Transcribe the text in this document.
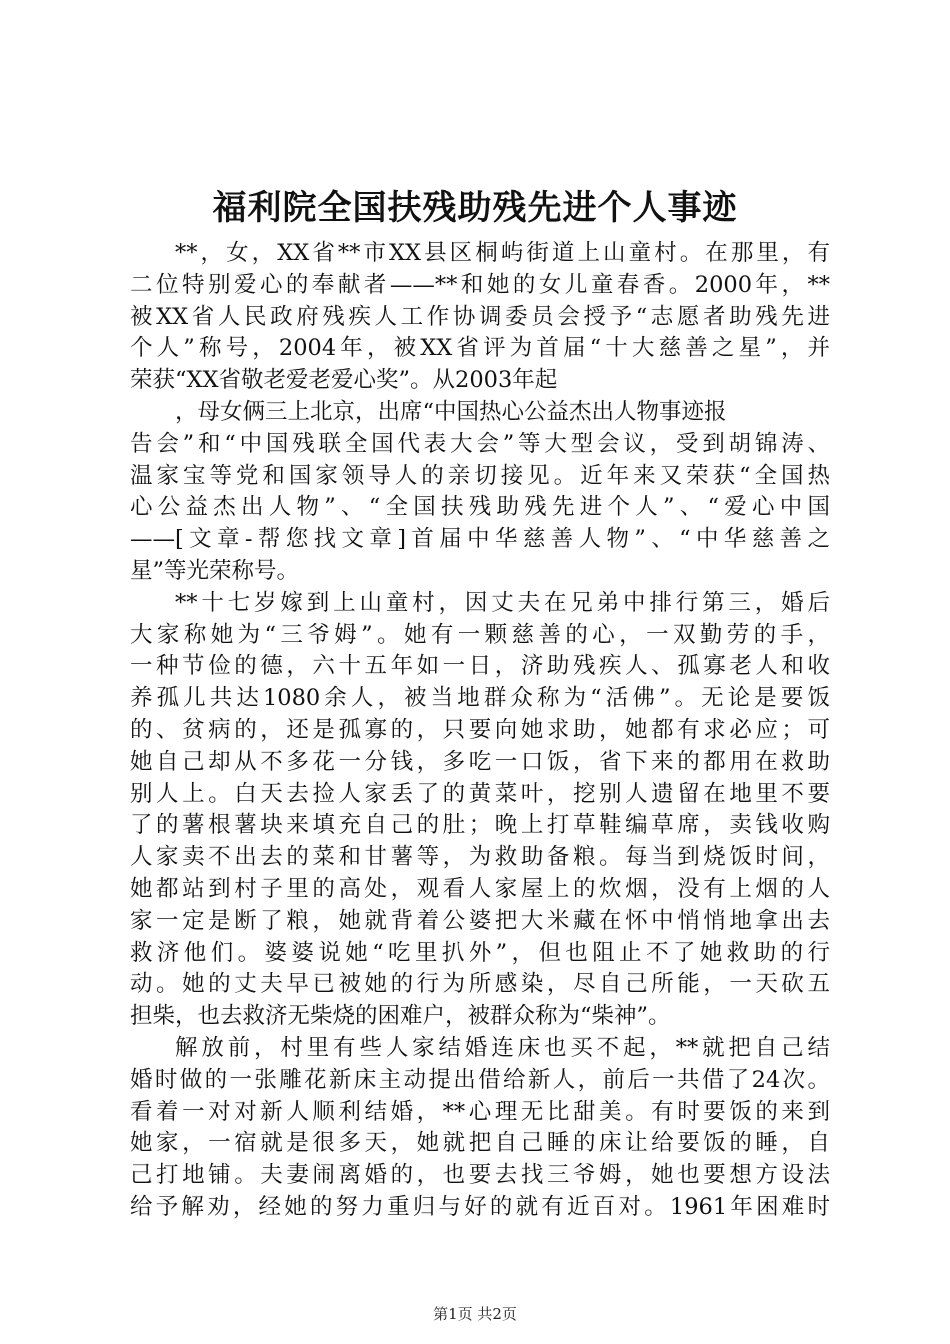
福利院全国扶残助残先进个人事迹
**，女，XX省**市XX县区桐屿街道上山童村。在那里，有
二位特别爱心的奉献者——**和她的女儿童春香。2000年，**
被XX省人民政府残疾人工作协调委员会授予“志愿者助残先进
个人”称号，2004年，被XX省评为首届“十大慈善之星”，并
荣获“XX省敬老爱老爱心奖”。从2003年起
，母女俩三上北京，出席“中国热心公益杰出人物事迹报
告会”和“中国残联全国代表大会”等大型会议，受到胡锦涛、
温家宝等党和国家领导人的亲切接见。近年来又荣获“全国热
心公益杰出人物”、“全国扶残助残先进个人”、“爱心中国
——[文章-帮您找文章]首届中华慈善人物”、“中华慈善之
星”等光荣称号。
**十七岁嫁到上山童村，因丈夫在兄弟中排行第三，婚后
大家称她为“三爷姆”。她有一颗慈善的心，一双勤劳的手，
一种节俭的德，六十五年如一日，济助残疾人、孤寡老人和收
养孤儿共达1080余人，被当地群众称为“活佛”。无论是要饭
的、贫病的，还是孤寡的，只要向她求助，她都有求必应；可
她自己却从不多花一分钱，多吃一口饭，省下来的都用在救助
别人上。白天去捡人家丢了的黄菜叶，挖别人遗留在地里不要
了的薯根薯块来填充自己的肚；晚上打草鞋编草席，卖钱收购
人家卖不出去的菜和甘薯等，为救助备粮。每当到烧饭时间，
她都站到村子里的高处，观看人家屋上的炊烟，没有上烟的人
家一定是断了粮，她就背着公婆把大米藏在怀中悄悄地拿出去
救济他们。婆婆说她“吃里扒外”，但也阻止不了她救助的行
动。她的丈夫早已被她的行为所感染，尽自己所能，一天砍五
担柴，也去救济无柴烧的困难户，被群众称为“柴神”。
解放前，村里有些人家结婚连床也买不起，**就把自己结
婚时做的一张雕花新床主动提出借给新人，前后一共借了24次。
看着一对对新人顺利结婚，**心理无比甜美。有时要饭的来到
她家，一宿就是很多天，她就把自己睡的床让给要饭的睡，自
己打地铺。夫妻闹离婚的，也要去找三爷姆，她也要想方设法
给予解劝，经她的努力重归与好的就有近百对。1961年困难时
第1页 共2页
